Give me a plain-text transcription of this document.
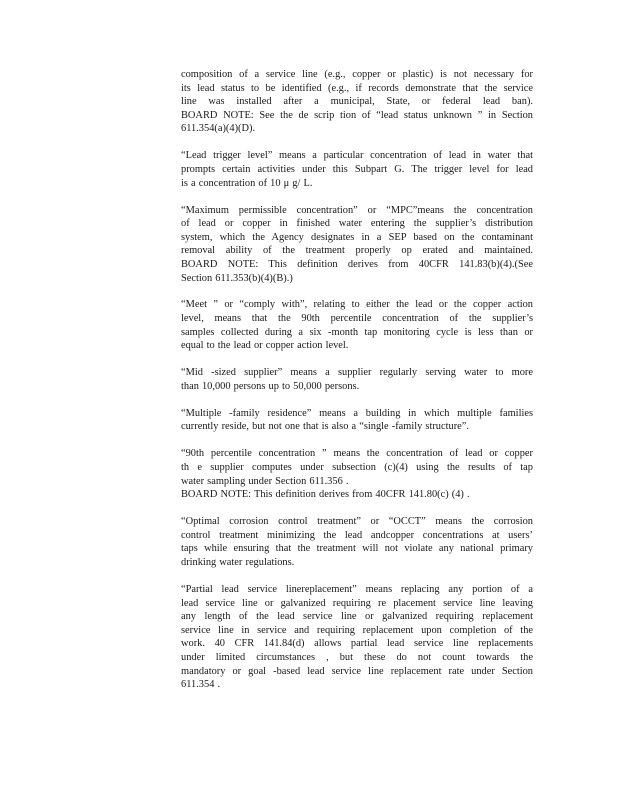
composition of a service line (e.g., copper or plastic) is not necessary for
its lead status to be identified (e.g., if records demonstrate that the service
line was installed after a municipal, State, or federal lead ban).
BOARD NOTE: See the de scrip tion of “lead status unknown ” in Section
611.354(a)(4)(D).
“Lead trigger level” means a particular concentration of lead in water that
prompts certain activities under this Subpart G. The trigger level for lead
is a concentration of 10 μ g/ L.
“Maximum permissible concentration” or “MPC”means the concentration
of lead or copper in finished water entering the supplier’s distribution
system, which the Agency designates in a SEP based on the contaminant
removal ability of the treatment properly op erated and maintained.
BOARD NOTE: This definition derives from 40CFR 141.83(b)(4).(See
Section 611.353(b)(4)(B).)
“Meet ” or “comply with”, relating to either the lead or the copper action
level, means that the 90th percentile concentration of the supplier’s
samples collected during a six -month tap monitoring cycle is less than or
equal to the lead or copper action level.
“Mid -sized supplier” means a supplier regularly serving water to more
than 10,000 persons up to 50,000 persons.
“Multiple -family residence” means a building in which multiple families
currently reside, but not one that is also a “single -family structure”.
“90th percentile concentration ” means the concentration of lead or copper
th e supplier computes under subsection (c)(4) using the results of tap
water sampling under Section 611.356 .
BOARD NOTE: This definition derives from 40CFR 141.80(c) (4) .
“Optimal corrosion control treatment” or “OCCT” means the corrosion
control treatment minimizing the lead andcopper concentrations at users’
taps while ensuring that the treatment will not violate any national primary
drinking water regulations.
“Partial lead service linereplacement” means replacing any portion of a
lead service line or galvanized requiring re placement service line leaving
any length of the lead service line or galvanized requiring replacement
service line in service and requiring replacement upon completion of the
work. 40 CFR 141.84(d) allows partial lead service line replacements
under limited circumstances , but these do not count towards the
mandatory or goal -based lead service line replacement rate under Section
611.354 .
